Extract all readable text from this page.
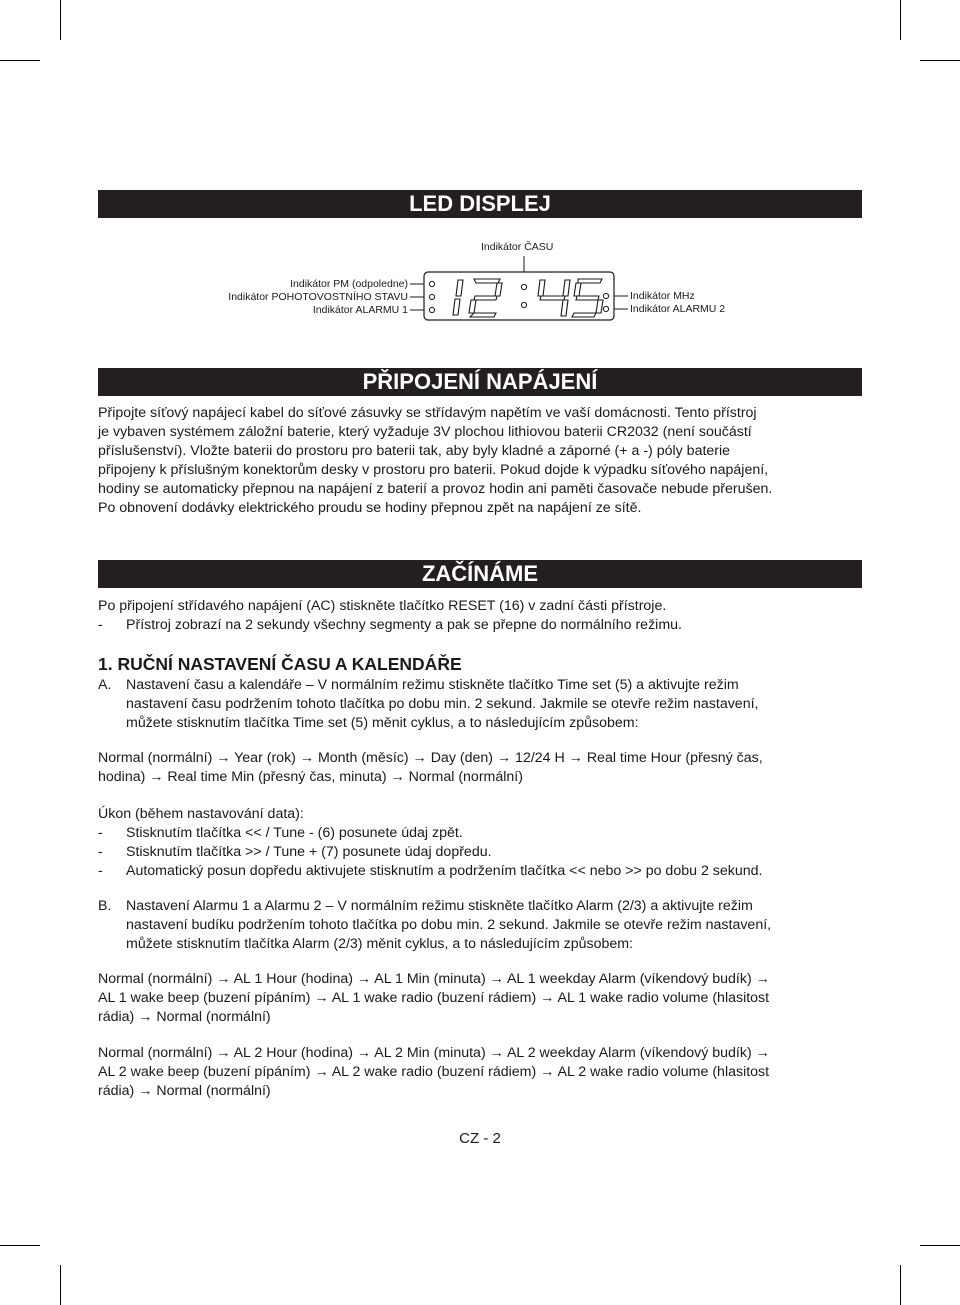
LED DISPLEJ
Indikátor ČASU
Indikátor PM (odpoledne)
Indikátor POHOTOVOSTNÍHO STAVU
Indikátor ALARMU 1
Indikátor MHz
Indikátor ALARMU 2
PŘIPOJENÍ NAPÁJENÍ

Připojte síťový napájecí kabel do síťové zásuvky se střídavým napětím ve vaší domácnosti. Tento přístroj

je vybaven systémem záložní baterie, který vyžaduje 3V plochou lithiovou baterii CR2032 (není součástí

příslušenství). Vložte baterii do prostoru pro baterii tak, aby byly kladné a záporné (+ a -) póly baterie

připojeny k příslušným konektorům desky v prostoru pro baterii. Pokud dojde k výpadku síťového napájení,

hodiny se automaticky přepnou na napájení z baterií a provoz hodin ani paměti časovače nebude přerušen.

Po obnovení dodávky elektrického proudu se hodiny přepnou zpět na napájení ze sítě.

ZAČÍNÁME

Po připojení střídavého napájení (AC) stiskněte tlačítko RESET (16) v zadní části přístroje.

- Přístroj zobrazí na 2 sekundy všechny segmenty a pak se přepne do normálního režimu.
1. RUČNÍ NASTAVENÍ ČASU A KALENDÁŘE
A. Nastavení času a kalendáře – V normálním režimu stiskněte tlačítko Time set (5) a aktivujte režim

nastavení času podržením tohoto tlačítka po dobu min. 2 sekund. Jakmile se otevře režim nastavení,

můžete stisknutím tlačítka Time set (5) měnit cyklus, a to následujícím způsobem:

Normal (normální) → Year (rok) → Month (měsíc) → Day (den) → 12/24 H → Real time Hour (přesný čas,

hodina) → Real time Min (přesný čas, minuta) → Normal (normální)

Úkon (během nastavování data):

- Stisknutím tlačítka << / Tune - (6) posunete údaj zpět.
- Stisknutím tlačítka >> / Tune + (7) posunete údaj dopředu.
- Automatický posun dopředu aktivujete stisknutím a podržením tlačítka << nebo >> po dobu 2 sekund.
B. Nastavení Alarmu 1 a Alarmu 2 – V normálním režimu stiskněte tlačítko Alarm (2/3) a aktivujte režim

nastavení budíku podržením tohoto tlačítka po dobu min. 2 sekund. Jakmile se otevře režim nastavení,

můžete stisknutím tlačítka Alarm (2/3) měnit cyklus, a to následujícím způsobem:

Normal (normální) → AL 1 Hour (hodina) → AL 1 Min (minuta) → AL 1 weekday Alarm (víkendový budík) →

AL 1 wake beep (buzení pípáním) → AL 1 wake radio (buzení rádiem) → AL 1 wake radio volume (hlasitost

rádia) → Normal (normální)

Normal (normální) → AL 2 Hour (hodina) → AL 2 Min (minuta) → AL 2 weekday Alarm (víkendový budík) →

AL 2 wake beep (buzení pípáním) → AL 2 wake radio (buzení rádiem) → AL 2 wake radio volume (hlasitost

rádia) → Normal (normální)

CZ - 2
